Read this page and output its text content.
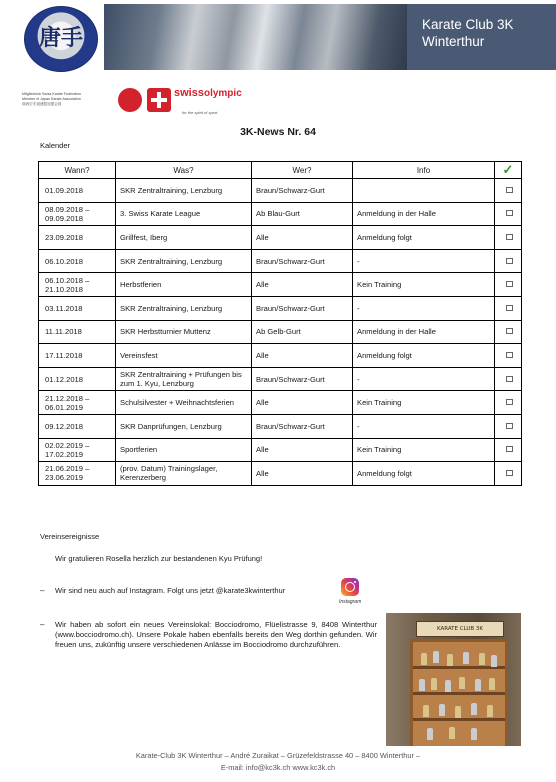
唐手
Karate Club 3K
Winterthur
Mitgliedclub Swiss Karate Federation
Member of Japan Karate Association
瑞西空手道連盟加盟会員
swissolympic
for the spirit of sport
3K-News Nr. 64
Kalender
Wann?	Was?	Wer?	Info	✓
01.09.2018	SKR Zentraltraining, Lenzburg	Braun/Schwarz-Gurt		
08.09.2018 – 09.09.2018	3. Swiss Karate League	Ab Blau-Gurt	Anmeldung in der Halle	
23.09.2018	Grillfest, Iberg	Alle	Anmeldung folgt	
06.10.2018	SKR Zentraltraining, Lenzburg	Braun/Schwarz-Gurt	-	
06.10.2018 – 21.10.2018	Herbstferien	Alle	Kein Training	
03.11.2018	SKR Zentraltraining, Lenzburg	Braun/Schwarz-Gurt	-	
11.11.2018	SKR Herbstturnier Muttenz	Ab Gelb-Gurt	Anmeldung in der Halle	
17.11.2018	Vereinsfest	Alle	Anmeldung folgt	
01.12.2018	SKR Zentraltraining + Prüfungen bis zum 1. Kyu, Lenzburg	Braun/Schwarz-Gurt	-	
21.12.2018 – 06.01.2019	Schulsilvester + Weihnachtsferien	Alle	Kein Training	
09.12.2018	SKR Danprüfungen, Lenzburg	Braun/Schwarz-Gurt	-	
02.02.2019 – 17.02.2019	Sportferien	Alle	Kein Training	
21.06.2019 – 23.06.2019	(prov. Datum) Trainingslager, Kerenzerberg	Alle	Anmeldung folgt	
Vereinsereignisse
Wir gratulieren Rosella herzlich zur bestandenen Kyu Prüfung!
– Wir sind neu auch auf Instagram. Folgt uns jetzt @karate3kwinterthur
Instagram
– Wir haben ab sofort ein neues Vereinslokal: Bocciodromo, Flüelistrasse 9, 8408 Winterthur (www.bocciodromo.ch). Unsere Pokale haben ebenfalls bereits den Weg dorthin gefunden. Wir freuen uns, zukünftig unsere verschiedenen Anlässe im Bocciodromo durchzuführen.
KARATE CLUB 3K
Karate-Club 3K Winterthur – André Zuraikat – Grüzefeldstrasse 40 – 8400 Winterthur –
E-mail: info@kc3k.ch www.kc3k.ch
